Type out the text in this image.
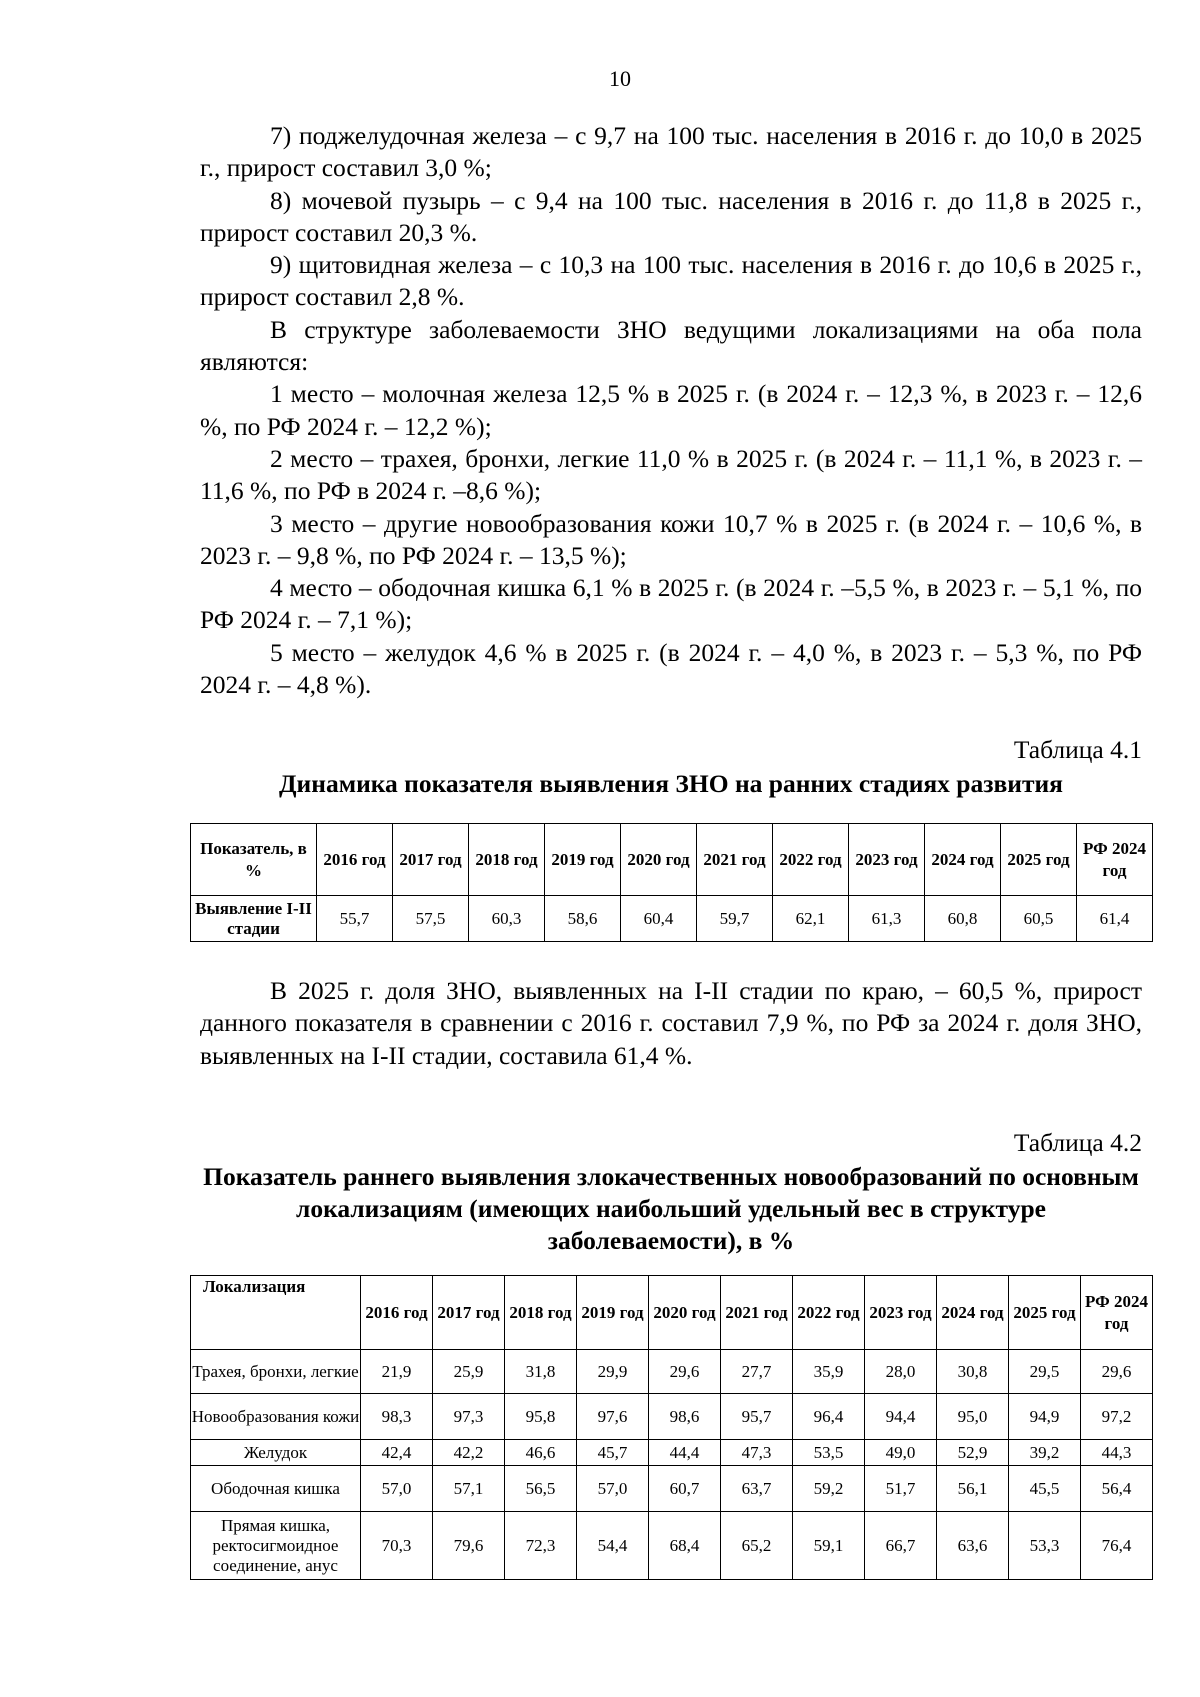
10

7) поджелудочная железа – с 9,7 на 100 тыс. населения в 2016 г. до 10,0 в 2025 г., прирост составил 3,0 %;

8) мочевой пузырь – с 9,4 на 100 тыс. населения в 2016 г. до 11,8 в 2025 г., прирост составил 20,3 %.

9) щитовидная железа – с 10,3 на 100 тыс. населения в 2016 г. до 10,6 в 2025 г., прирост составил 2,8 %.

В структуре заболеваемости ЗНО ведущими локализациями на оба пола являются:

1 место – молочная железа 12,5 % в 2025 г. (в 2024 г. – 12,3 %, в 2023 г. – 12,6 %, по РФ 2024 г. – 12,2 %);

2 место – трахея, бронхи, легкие 11,0 % в 2025 г. (в 2024 г. – 11,1 %, в 2023 г. – 11,6 %, по РФ в 2024 г. –8,6 %);

3 место – другие новообразования кожи 10,7 % в 2025 г. (в 2024 г. – 10,6 %, в 2023 г. – 9,8 %, по РФ 2024 г. – 13,5 %);

4 место – ободочная кишка 6,1 % в 2025 г. (в 2024 г. –5,5 %, в 2023 г. – 5,1 %, по РФ 2024 г. – 7,1 %);

5 место – желудок 4,6 % в 2025 г. (в 2024 г. – 4,0 %, в 2023 г. – 5,3 %, по РФ 2024 г. – 4,8 %).

Таблица 4.1
Динамика показателя выявления ЗНО на ранних стадиях развития
Показатель, в %	2016 год	2017 год	2018 год	2019 год	2020 год	2021 год	2022 год	2023 год	2024 год	2025 год	РФ 2024 год
Выявление I-II стадии	55,7	57,5	60,3	58,6	60,4	59,7	62,1	61,3	60,8	60,5	61,4

В 2025 г. доля ЗНО, выявленных на I-II стадии по краю, – 60,5 %, прирост данного показателя в сравнении с 2016 г. составил 7,9 %, по РФ за 2024 г. доля ЗНО, выявленных на I-II стадии, составила 61,4 %.

Таблица 4.2
Показатель раннего выявления злокачественных новообразований по основным локализациям (имеющих наибольший удельный вес в структуре заболеваемости), в %
Локализация	2016 год	2017 год	2018 год	2019 год	2020 год	2021 год	2022 год	2023 год	2024 год	2025 год	РФ 2024 год
Трахея, бронхи, легкие	21,9	25,9	31,8	29,9	29,6	27,7	35,9	28,0	30,8	29,5	29,6
Новообразования кожи	98,3	97,3	95,8	97,6	98,6	95,7	96,4	94,4	95,0	94,9	97,2
Желудок	42,4	42,2	46,6	45,7	44,4	47,3	53,5	49,0	52,9	39,2	44,3
Ободочная кишка	57,0	57,1	56,5	57,0	60,7	63,7	59,2	51,7	56,1	45,5	56,4
Прямая кишка, ректосигмоидное соединение, анус	70,3	79,6	72,3	54,4	68,4	65,2	59,1	66,7	63,6	53,3	76,4
